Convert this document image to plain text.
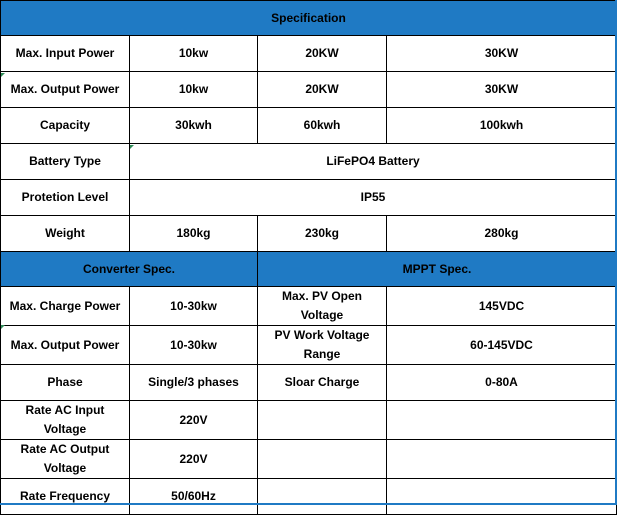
Specification			
Max. Input Power	10kw	20KW	30KW
Max. Output Power	10kw	20KW	30KW
Capacity	30kwh	60kwh	100kwh
Battery Type	LiFePO4 Battery		
Protetion Level	IP55		
Weight	180kg	230kg	280kg
Converter Spec.		MPPT Spec.	
Max. Charge Power	10-30kw	Max. PV Open Voltage	145VDC
Max. Output Power	10-30kw	PV Work Voltage Range	60-145VDC
Phase	Single/3 phases	Sloar Charge	0-80A
Rate AC Input Voltage	220V		
Rate AC Output Voltage	220V		
Rate Frequency	50/60Hz		
